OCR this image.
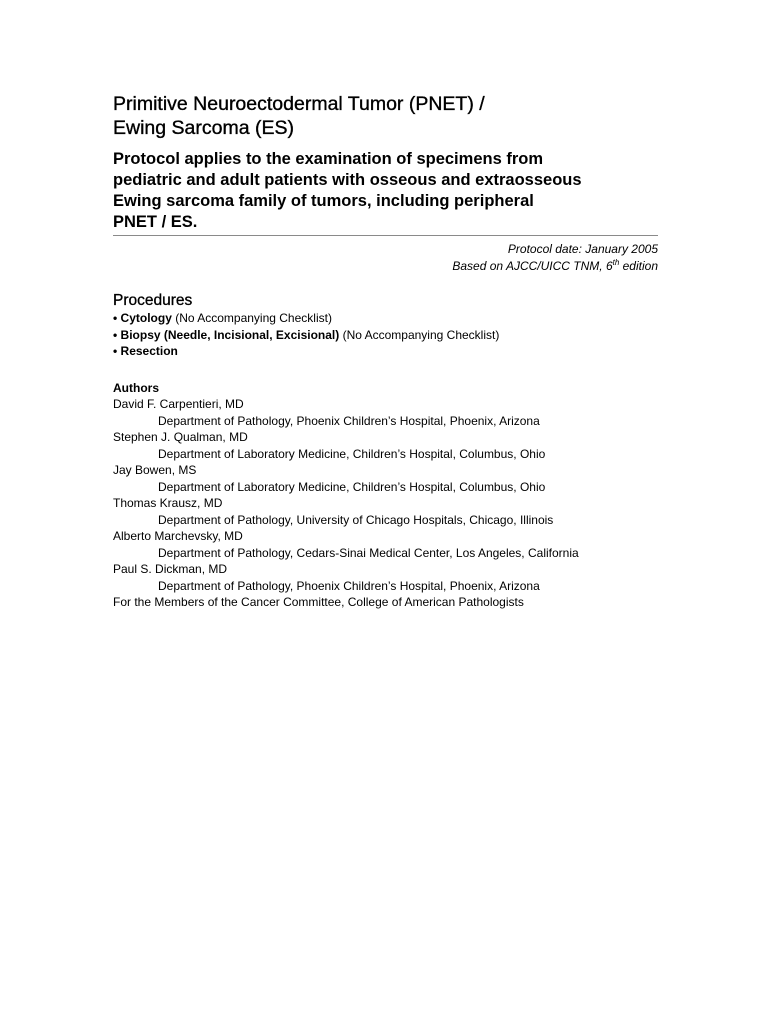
Primitive Neuroectodermal Tumor (PNET) /
Ewing Sarcoma (ES)
Protocol applies to the examination of specimens from
pediatric and adult patients with osseous and extraosseous
Ewing sarcoma family of tumors, including peripheral
PNET / ES.
Protocol date: January 2005
Based on AJCC/UICC TNM, 6th edition
Procedures
• Cytology (No Accompanying Checklist)
• Biopsy (Needle, Incisional, Excisional) (No Accompanying Checklist)
• Resection
Authors
David F. Carpentieri, MD
Department of Pathology, Phoenix Children’s Hospital, Phoenix, Arizona
Stephen J. Qualman, MD
Department of Laboratory Medicine, Children’s Hospital, Columbus, Ohio
Jay Bowen, MS
Department of Laboratory Medicine, Children’s Hospital, Columbus, Ohio
Thomas Krausz, MD
Department of Pathology, University of Chicago Hospitals, Chicago, Illinois
Alberto Marchevsky, MD
Department of Pathology, Cedars-Sinai Medical Center, Los Angeles, California
Paul S. Dickman, MD
Department of Pathology, Phoenix Children’s Hospital, Phoenix, Arizona
For the Members of the Cancer Committee, College of American Pathologists
